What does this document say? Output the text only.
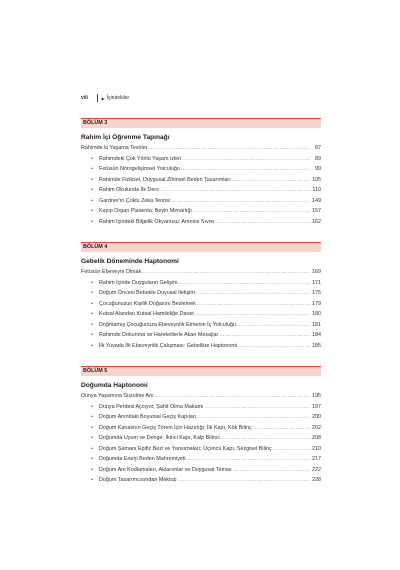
viii	▶ İçindekiler
BÖLÜM 3
Rahim İçi Öğrenme Tapınağı
Rahimde ki Yaşama Tesirler .....	87
•	Rahimdeki Çok Yönlü Yaşam izleri .....	89
•	Fetüsün Nörogelişimsel Yolculuğu .....	99
•	Rahimde Fiziksel, Duygusal Zihinsel Beden Tasarımları .....	105
•	Rahim Okulunda İlk Ders .....	110
•	Gardner'ın Çoklu Zeka Teorisi .....	149
•	Kayıp Organ Plasenta: Beyin Mimarlığı .....	157
•	Rahim İçindeki Bilgelik Okyanusu: Amnios Sıvısı .....	162
BÖLÜM 4
Gebelik Döneminde Haptonomi
Fetüsün Ebeveyni Olmak .....	169
•	Rahim İçinde Duyguların Gelişim .....	171
•	Doğum Öncesi Bebekle Duyusal İletişim .....	175
•	Çocuğunuzun Kişilik Doğasını Beslemek .....	179
•	Kutsal Alandan Kutsal Hamileliğe Davet .....	180
•	Doğmamış Çocuğunuza Ebeveynlik Etmenin İç Yolculuğu .....	181
•	Rahimde Dokunma ve Hareketlerle Akan Mesajlar .....	184
•	İlk Yuvada İlk Ebeveynlik Çalışması: Gebelikte Haptonomi .....	185
BÖLÜM 5
Doğumda Haptonomi
Dünya Yaşamına Süzülme Anı .....	195
•	Dünya Perdesi Açılıyor, Şahit Olma Makamı .....	197
•	Doğum Anındaki Boyutsal Geçiş Kapıları .....	200
•	Doğum Kanalının Geçiş Töreni İçin Hazırlığı; İlk Kapı, Kök Bilinç .....	202
•	Doğumda Uyum ve Denge; İkinci Kapı, Kalp Bilinci .....	208
•	Doğum Şamanı Epifiz Bezi ve Yansımaları; Üçüncü Kapı, Sezgisel Bilinç .....	210
•	Doğumda Enerji Beden Mahremiyeti .....	217
•	Doğum Anı Kodlamaları, Aktarımlar ve Duygusal Temas .....	222
•	Doğum Tasarımcısından Mektup .....	228
